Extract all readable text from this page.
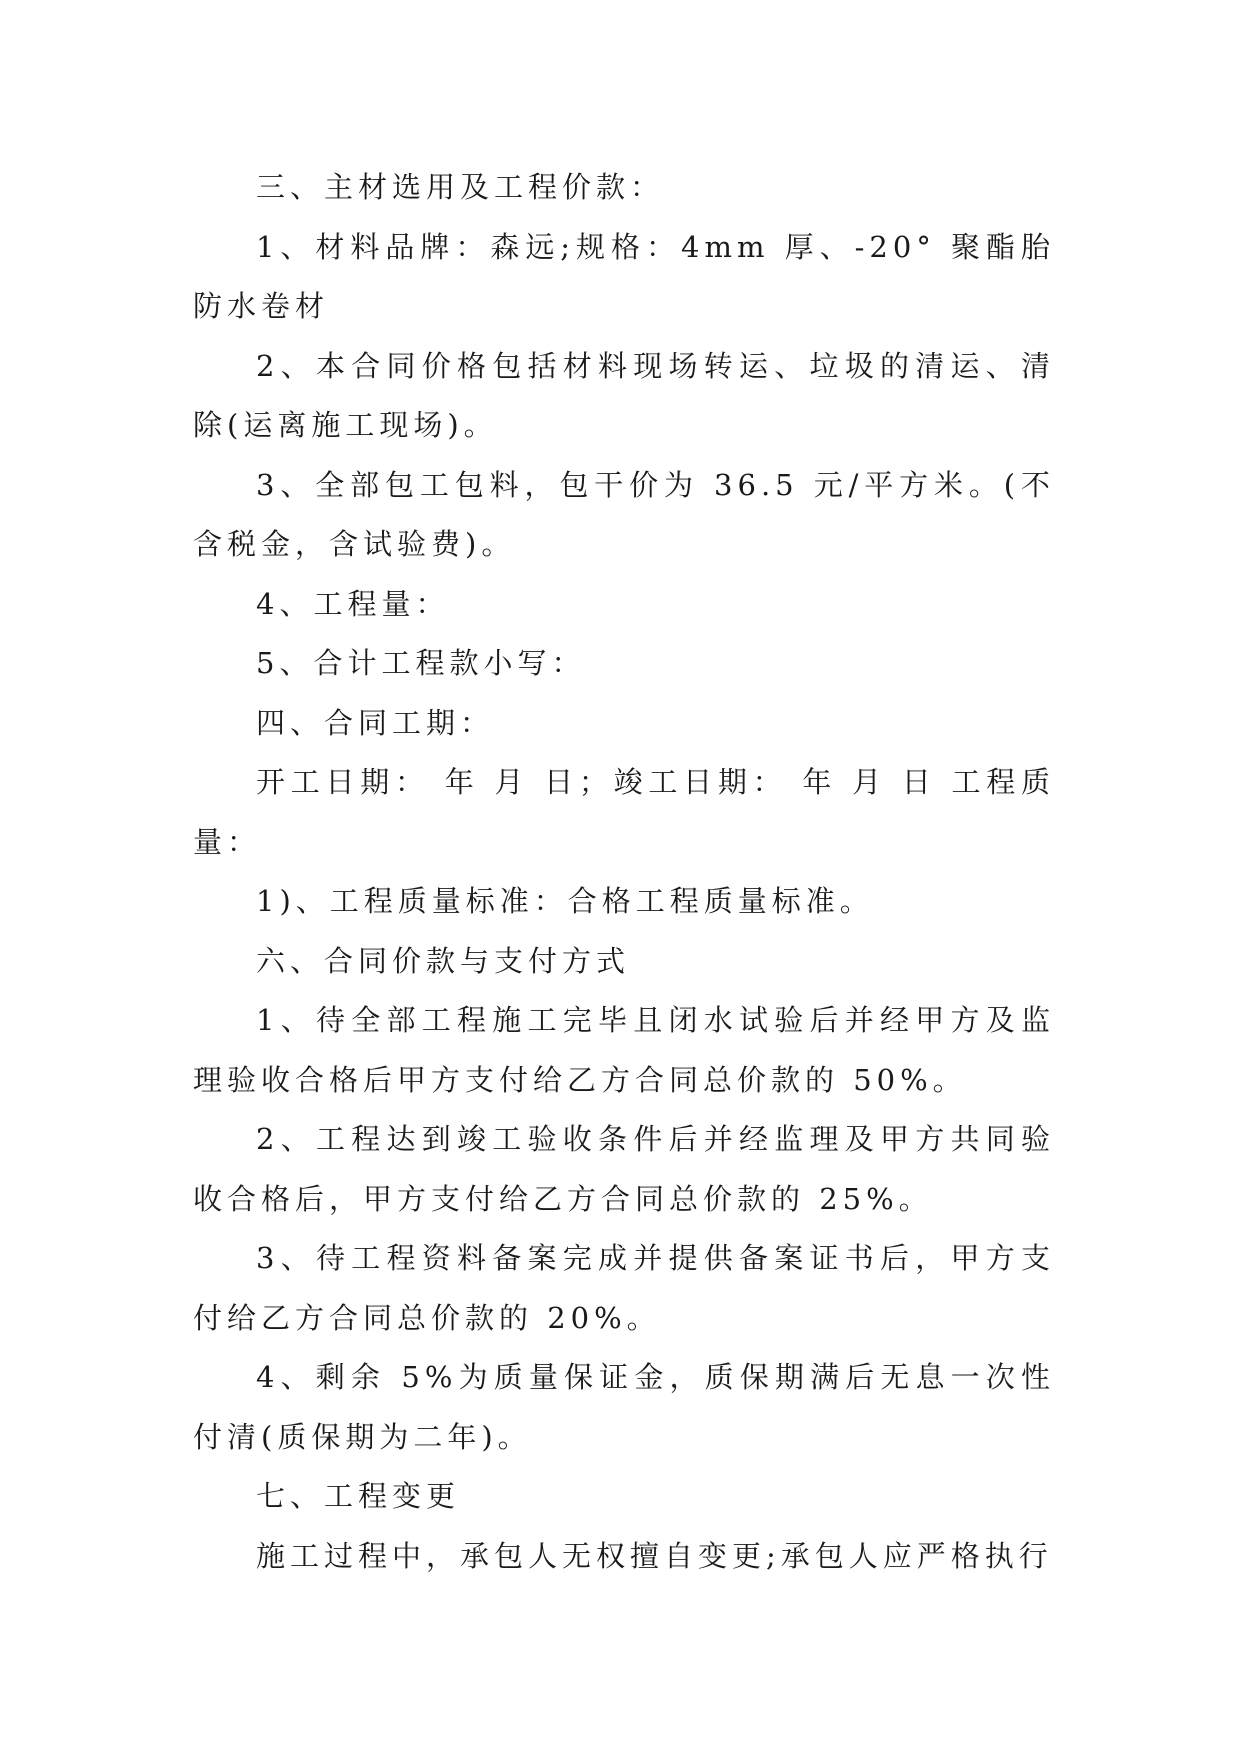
三、主材选用及工程价款：

1、材料品牌：森远;规格：4mm 厚、-20° 聚酯胎防水卷材

2、本合同价格包括材料现场转运、垃圾的清运、清除(运离施工现场)。

3、全部包工包料，包干价为 36.5 元/平方米。(不含税金，含试验费)。

4、工程量：

5、合计工程款小写：

四、合同工期：

开工日期： 年 月 日；竣工日期： 年 月 日 工程质量：

1)、工程质量标准：合格工程质量标准。

六、合同价款与支付方式

1、待全部工程施工完毕且闭水试验后并经甲方及监理验收合格后甲方支付给乙方合同总价款的 50%。

2、工程达到竣工验收条件后并经监理及甲方共同验收合格后，甲方支付给乙方合同总价款的 25%。

3、待工程资料备案完成并提供备案证书后，甲方支付给乙方合同总价款的 20%。

4、剩余 5%为质量保证金，质保期满后无息一次性付清(质保期为二年)。

七、工程变更

施工过程中，承包人无权擅自变更;承包人应严格执行
